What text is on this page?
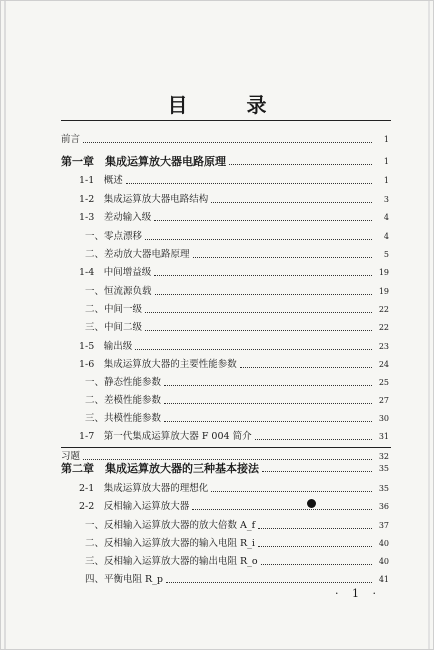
目 录
前言	1
第一章　集成运算放大器电路原理	1
1-1　概述	1
1-2　集成运算放大器电路结构	3
1-3　差动输入级	4
一、零点漂移	4
二、差动放大器电路原理	5
1-4　中间增益级	19
一、恒流源负载	19
二、中间一级	22
三、中间二级	22
1-5　输出级	23
1-6　集成运算放大器的主要性能参数	24
一、静态性能参数	25
二、差模性能参数	27
三、共模性能参数	30
1-7　第一代集成运算放大器 F 004 简介	31
习题	32
第二章　集成运算放大器的三种基本接法	35
2-1　集成运算放大器的理想化	35
2-2　反相输入运算放大器	36
一、反相输入运算放大器的放大倍数 A_f	37
二、反相输入运算放大器的输入电阻 R_i	40
三、反相输入运算放大器的输出电阻 R_o	40
四、平衡电阻 R_p	41
· 1 ·
